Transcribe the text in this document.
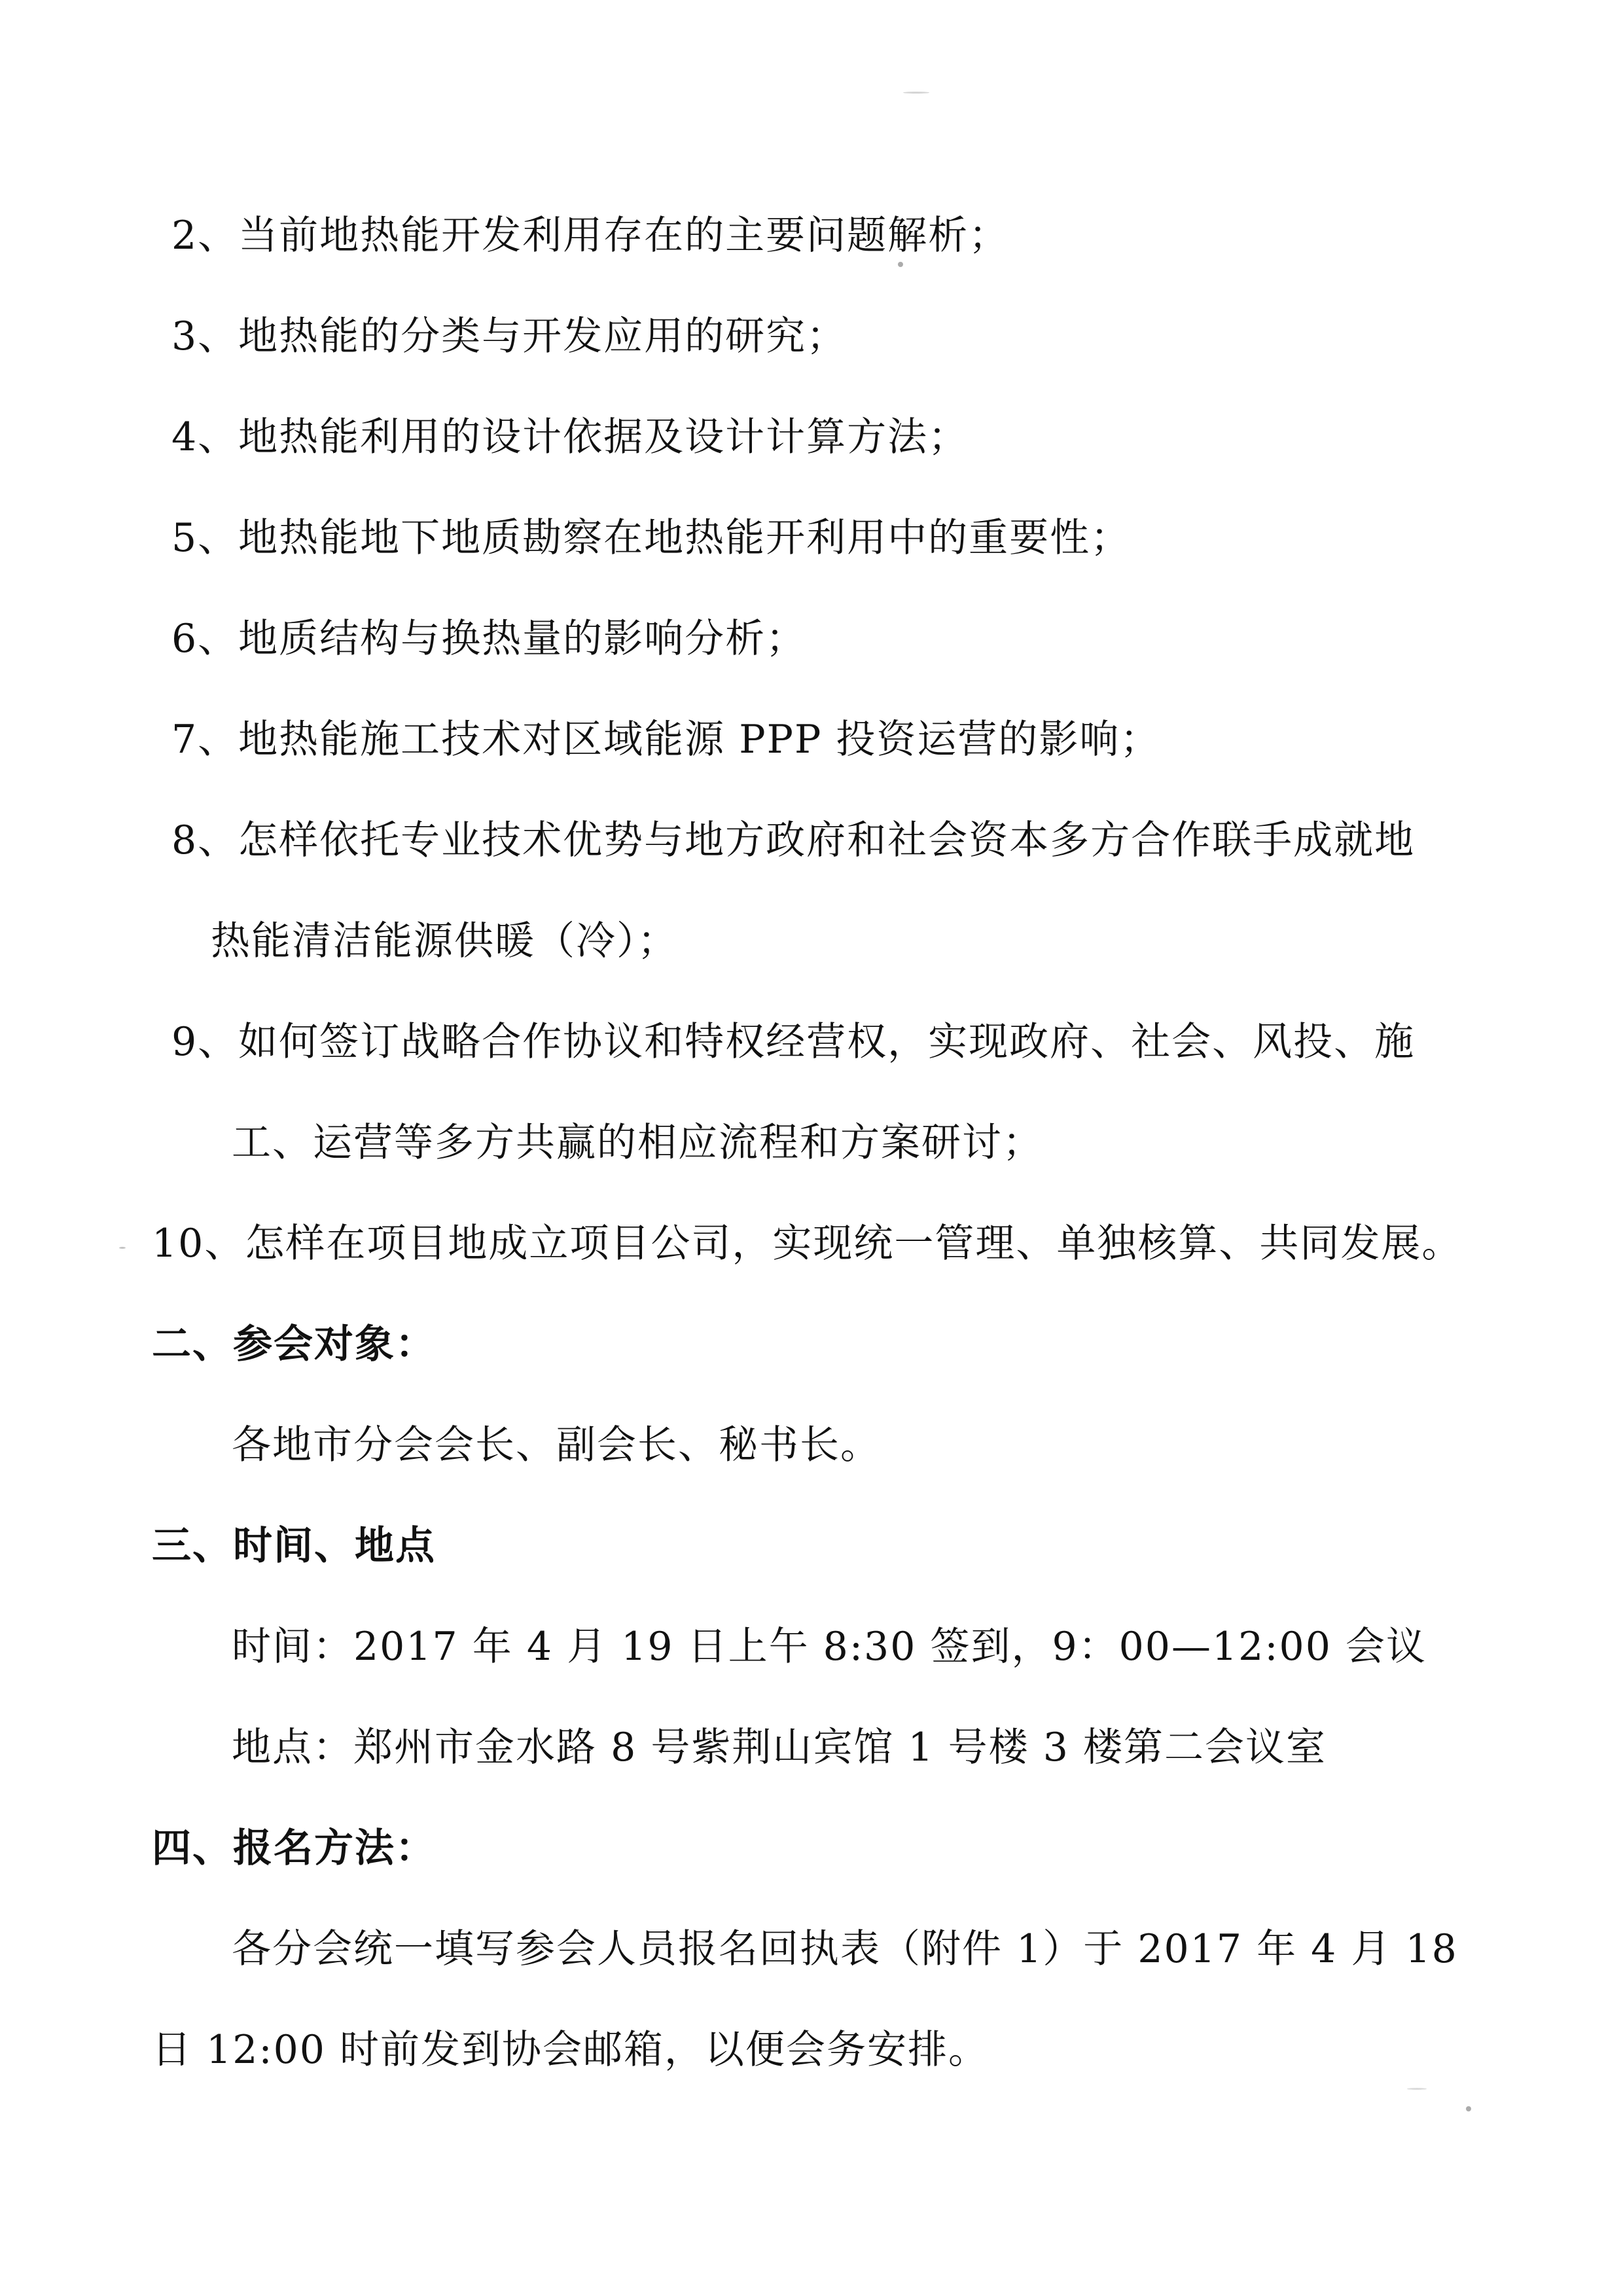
2、当前地热能开发利用存在的主要问题解析；
3、地热能的分类与开发应用的研究；
4、地热能利用的设计依据及设计计算方法；
5、地热能地下地质勘察在地热能开利用中的重要性；
6、地质结构与换热量的影响分析；
7、地热能施工技术对区域能源 PPP 投资运营的影响；
8、怎样依托专业技术优势与地方政府和社会资本多方合作联手成就地
热能清洁能源供暖（冷）；
9、如何签订战略合作协议和特权经营权，实现政府、社会、风投、施
工、运营等多方共赢的相应流程和方案研讨；
10、怎样在项目地成立项目公司，实现统一管理、单独核算、共同发展。
二、参会对象：
各地市分会会长、副会长、秘书长。
三、时间、地点
时间：2017 年 4 月 19 日上午 8:30 签到，9：00—12:00 会议
地点：郑州市金水路 8 号紫荆山宾馆 1 号楼 3 楼第二会议室
四、报名方法：
各分会统一填写参会人员报名回执表（附件 1）于 2017 年 4 月 18
日 12:00 时前发到协会邮箱，以便会务安排。
